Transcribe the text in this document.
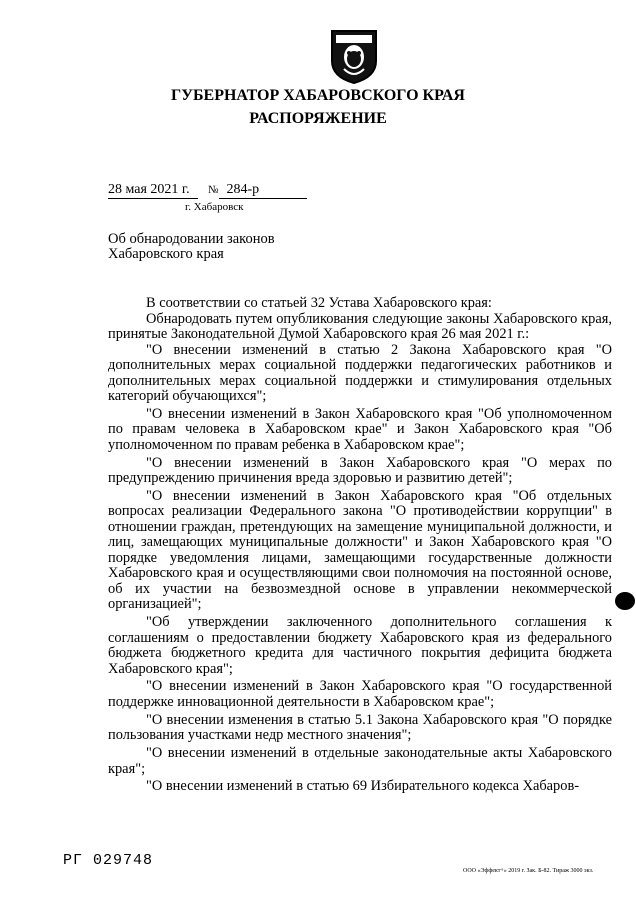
ГУБЕРНАТОР ХАБАРОВСКОГО КРАЯ
РАСПОРЯЖЕНИЕ
28 мая 2021 г. № 284-р
г. Хабаровск
Об обнародовании законов
Хабаровского края

В соответствии со статьей 32 Устава Хабаровского края:

Обнародовать путем опубликования следующие законы Хабаровского края, принятые Законодательной Думой Хабаровского края 26 мая 2021 г.:

"О внесении изменений в статью 2 Закона Хабаровского края "О дополнительных мерах социальной поддержки педагогических работников и дополнительных мерах социальной поддержки и стимулирования отдельных категорий обучающихся";

"О внесении изменений в Закон Хабаровского края "Об уполномоченном по правам человека в Хабаровском крае" и Закон Хабаровского края "Об уполномоченном по правам ребенка в Хабаровском крае";

"О внесении изменений в Закон Хабаровского края "О мерах по предупреждению причинения вреда здоровью и развитию детей";

"О внесении изменений в Закон Хабаровского края "Об отдельных вопросах реализации Федерального закона "О противодействии коррупции" в отношении граждан, претендующих на замещение муниципальной должности, и лиц, замещающих муниципальные должности" и Закон Хабаровского края "О порядке уведомления лицами, замещающими государственные должности Хабаровского края и осуществляющими свои полномочия на постоянной основе, об их участии на безвозмездной основе в управлении некоммерческой организацией";

"Об утверждении заключенного дополнительного соглашения к соглашениям о предоставлении бюджету Хабаровского края из федерального бюджета бюджетного кредита для частичного покрытия дефицита бюджета Хабаровского края";

"О внесении изменений в Закон Хабаровского края "О государственной поддержке инновационной деятельности в Хабаровском крае";

"О внесении изменения в статью 5.1 Закона Хабаровского края "О порядке пользования участками недр местного значения";

"О внесении изменений в отдельные законодательные акты Хабаровского края";

"О внесении изменений в статью 69 Избирательного кодекса Хабаров-

РГ 029748
ООО «Эффект+» 2019 г. Зак. Б-82. Тираж 3000 экз.
